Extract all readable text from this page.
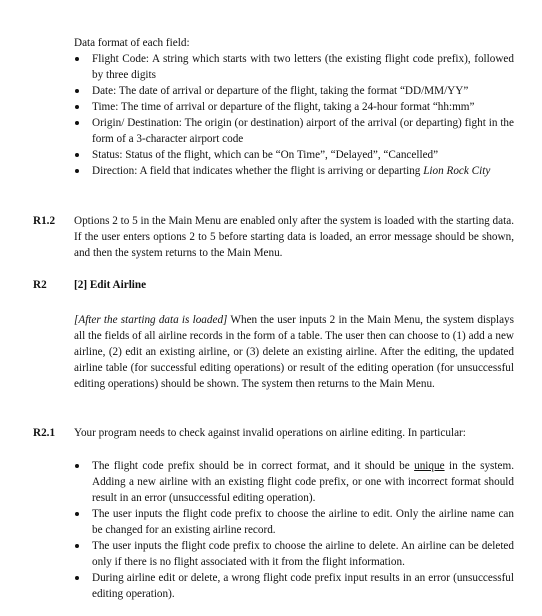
Data format of each field:
Flight Code: A string which starts with two letters (the existing flight code prefix), followed by three digits
Date: The date of arrival or departure of the flight, taking the format “DD/MM/YY”
Time: The time of arrival or departure of the flight, taking a 24-hour format “hh:mm”
Origin/ Destination: The origin (or destination) airport of the arrival (or departing) fight in the form of a 3-character airport code
Status: Status of the flight, which can be “On Time”, “Delayed”, “Cancelled”
Direction: A field that indicates whether the flight is arriving or departing Lion Rock City
R1.2 Options 2 to 5 in the Main Menu are enabled only after the system is loaded with the starting data. If the user enters options 2 to 5 before starting data is loaded, an error message should be shown, and then the system returns to the Main Menu.
R2 [2] Edit Airline
[After the starting data is loaded] When the user inputs 2 in the Main Menu, the system displays all the fields of all airline records in the form of a table. The user then can choose to (1) add a new airline, (2) edit an existing airline, or (3) delete an existing airline. After the editing, the updated airline table (for successful editing operations) or result of the editing operation (for unsuccessful editing operations) should be shown. The system then returns to the Main Menu.
R2.1 Your program needs to check against invalid operations on airline editing. In particular:
The flight code prefix should be in correct format, and it should be unique in the system. Adding a new airline with an existing flight code prefix, or one with incorrect format should result in an error (unsuccessful editing operation).
The user inputs the flight code prefix to choose the airline to edit. Only the airline name can be changed for an existing airline record.
The user inputs the flight code prefix to choose the airline to delete. An airline can be deleted only if there is no flight associated with it from the flight information.
During airline edit or delete, a wrong flight code prefix input results in an error (unsuccessful editing operation).
